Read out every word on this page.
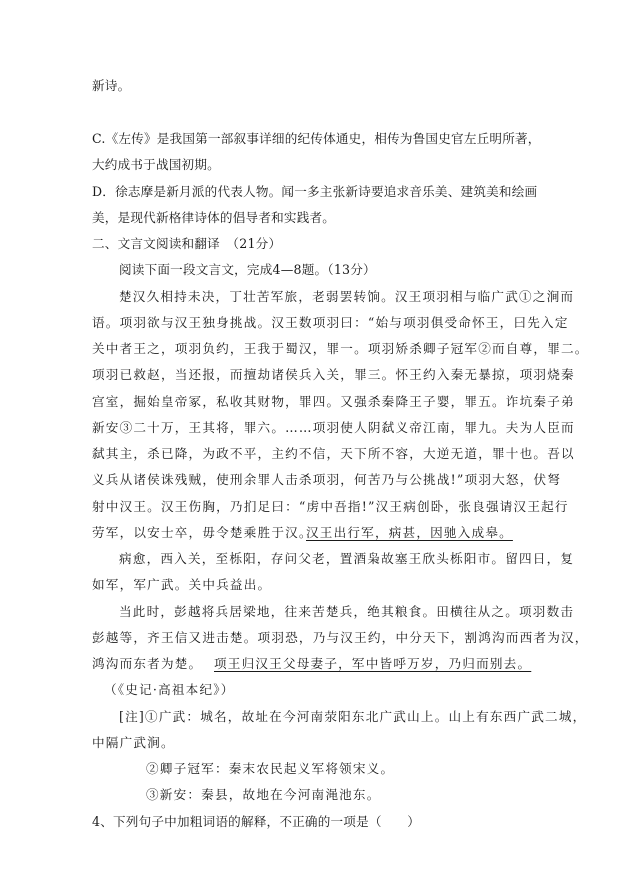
新诗。
C.《左传》是我国第一部叙事详细的纪传体通史，相传为鲁国史官左丘明所著，
大约成书于战国初期。
D．徐志摩是新月派的代表人物。闻一多主张新诗要追求音乐美、建筑美和绘画
美，是现代新格律诗体的倡导者和实践者。
二、文言文阅读和翻译　（21分）
阅读下面一段文言文，完成4—8题。（13分）
楚汉久相持未决，丁壮苦军旅，老弱罢转饷。汉王项羽相与临广武①之涧而
语。项羽欲与汉王独身挑战。汉王数项羽曰：“始与项羽俱受命怀王，曰先入定
关中者王之，项羽负约，王我于蜀汉，罪一。项羽矫杀卿子冠军②而自尊，罪二。
项羽已救赵，当还报，而擅劫诸侯兵入关，罪三。怀王约入秦无暴掠，项羽烧秦
宫室，掘始皇帝冢，私收其财物，罪四。又强杀秦降王子婴，罪五。诈坑秦子弟
新安③二十万，王其将，罪六。……项羽使人阴弑义帝江南，罪九。夫为人臣而
弑其主，杀已降，为政不平，主约不信，天下所不容，大逆无道，罪十也。吾以
义兵从诸侯诛残贼，使刑余罪人击杀项羽，何苦乃与公挑战!”项羽大怒，伏弩
射中汉王。汉王伤胸，乃扪足曰：“虏中吾指!”汉王病创卧，张良强请汉王起行
劳军，以安士卒，毋令楚乘胜于汉。
汉王出行军，病甚，因驰入成皋。
病愈，西入关，至栎阳，存问父老，置酒枭故塞王欣头栎阳市。留四日，复
如军，军广武。关中兵益出。
当此时，彭越将兵居梁地，往来苦楚兵，绝其粮食。田横往从之。项羽数击
彭越等，齐王信又进击楚。项羽恐，乃与汉王约，中分天下，割鸿沟而西者为汉，
鸿沟而东者为楚。 项王归汉王父母妻子，军中皆呼万岁，乃归而别去。
（《史记·高祖本纪》）
[注]①广武：城名，故址在今河南荥阳东北广武山上。山上有东西广武二城，
中隔广武涧。
②卿子冠军：秦末农民起义军将领宋义。
③新安：秦县，故地在今河南渑池东。
4、下列句子中加粗词语的解释，不正确的一项是（　　）
